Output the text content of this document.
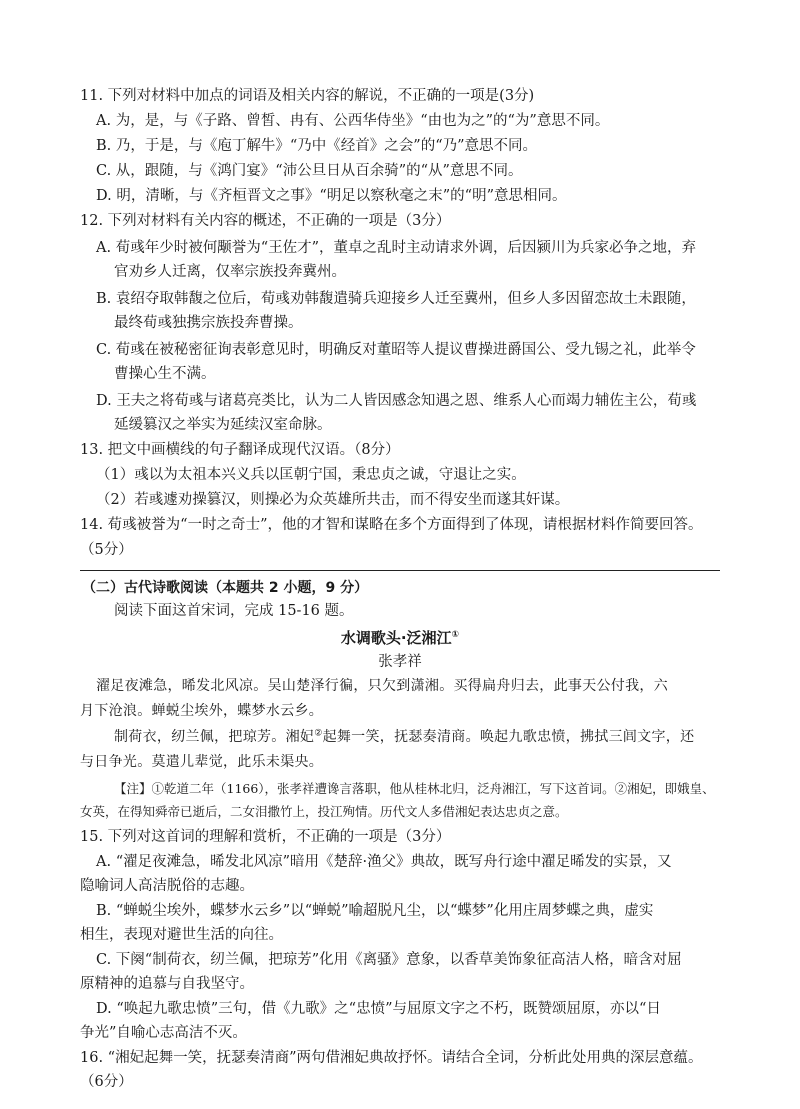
11. 下列对材料中加点的词语及相关内容的解说，不正确的一项是(3分)
A. 为，是，与《子路、曾皙、冉有、公西华侍坐》“由也为之”的“为”意思不同。
B. 乃，于是，与《庖丁解牛》“乃中《经首》之会”的“乃”意思不同。
C. 从，跟随，与《鸿门宴》“沛公旦日从百余骑”的“从”意思不同。
D. 明，清晰，与《齐桓晋文之事》“明足以察秋毫之末”的“明”意思相同。
12. 下列对材料有关内容的概述，不正确的一项是（3分）
A. 荀彧年少时被何颙誉为“王佐才”，董卓之乱时主动请求外调，后因颍川为兵家必争之地，弃
官劝乡人迁离，仅率宗族投奔冀州。
B. 袁绍夺取韩馥之位后，荀彧劝韩馥遣骑兵迎接乡人迁至冀州，但乡人多因留恋故土未跟随，
最终荀彧独携宗族投奔曹操。
C. 荀彧在被秘密征询表彰意见时，明确反对董昭等人提议曹操进爵国公、受九锡之礼，此举令
曹操心生不满。
D. 王夫之将荀彧与诸葛亮类比，认为二人皆因感念知遇之恩、维系人心而竭力辅佐主公，荀彧
延缓篡汉之举实为延续汉室命脉。
13. 把文中画横线的句子翻译成现代汉语。（8分）
（1）彧以为太祖本兴义兵以匡朝宁国，秉忠贞之诚，守退让之实。
（2）若彧遽劝操篡汉，则操必为众英雄所共击，而不得安坐而遂其奸谋。
14. 荀彧被誉为“一时之奇士”，他的才智和谋略在多个方面得到了体现，请根据材料作简要回答。
（5分）
（二）古代诗歌阅读（本题共 2 小题，9 分）
阅读下面这首宋词，完成 15-16 题。
水调歌头·泛湘江①
张孝祥
濯足夜滩急，晞发北风凉。吴山楚泽行徧，只欠到潇湘。买得扁舟归去，此事天公付我，六
月下沧浪。蝉蜕尘埃外，蝶梦水云乡。
制荷衣，纫兰佩，把琼芳。湘妃②起舞一笑，抚瑟奏清商。唤起九歌忠愤，拂拭三闾文字，还
与日争光。莫遣儿辈觉，此乐未渠央。
【注】①乾道二年（1166），张孝祥遭谗言落职，他从桂林北归，泛舟湘江，写下这首词。②湘妃，即娥皇、
女英，在得知舜帝已逝后，二女泪撒竹上，投江殉情。历代文人多借湘妃表达忠贞之意。
15. 下列对这首词的理解和赏析，不正确的一项是（3分）
A. “濯足夜滩急，晞发北风凉”暗用《楚辞·渔父》典故，既写舟行途中濯足晞发的实景，又
隐喻词人高洁脱俗的志趣。
B. “蝉蜕尘埃外，蝶梦水云乡”以“蝉蜕”喻超脱凡尘，以“蝶梦”化用庄周梦蝶之典，虚实
相生，表现对避世生活的向往。
C. 下阕“制荷衣，纫兰佩，把琼芳”化用《离骚》意象，以香草美饰象征高洁人格，暗含对屈
原精神的追慕与自我坚守。
D. “唤起九歌忠愤”三句，借《九歌》之“忠愤”与屈原文字之不朽，既赞颂屈原，亦以“日
争光”自喻心志高洁不灭。
16. “湘妃起舞一笑，抚瑟奏清商”两句借湘妃典故抒怀。请结合全词，分析此处用典的深层意蕴。
（6分）
